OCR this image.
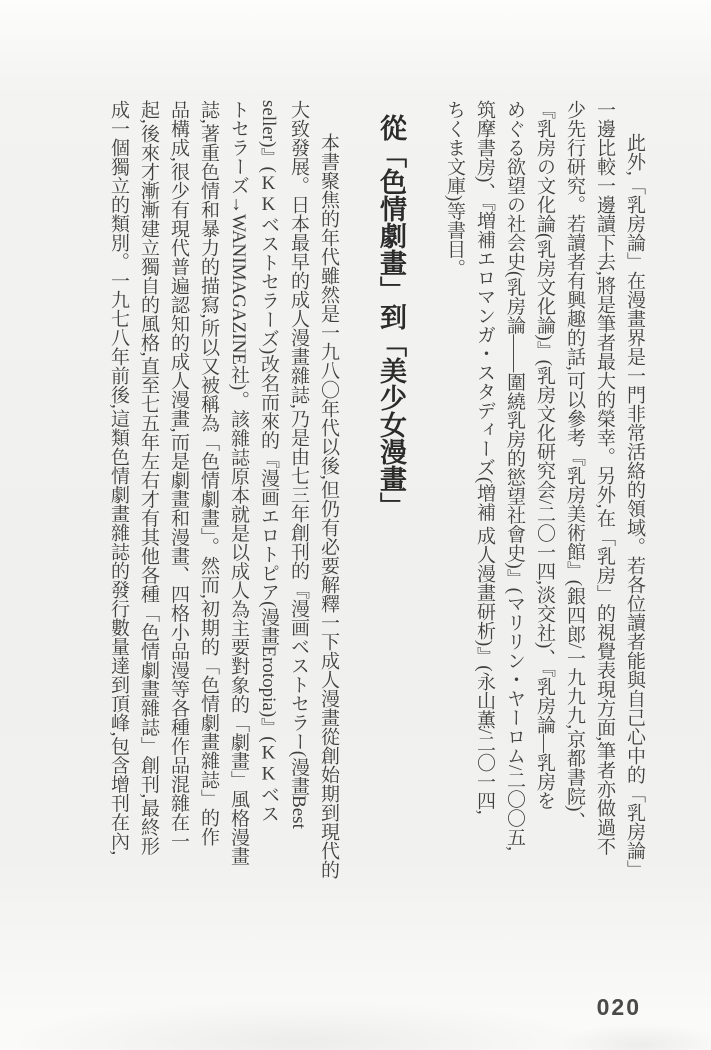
此外,「乳房論」在漫畫界是一門非常活絡的領域。若各位讀者能與自己心中的「乳房論」
一邊比較一邊讀下去,將是筆者最大的榮幸。另外,在「乳房」的視覺表現方面,筆者亦做過不
少先行研究。若讀者有興趣的話,可以參考『乳房美術館』(銀四郎/一九九九,京都書院)、
『乳房の文化論(乳房文化論)』(乳房文化研究会/二〇一四,淡交社)、『乳房論—乳房を
めぐる欲望の社会史(乳房論——圍繞乳房的慾望社會史)』(マリリン・ヤーロム/二〇〇五,
筑摩書房)、『増補エロマンガ・スタディーズ(増補 成人漫畫研析)』(永山薫/二〇一四,
ちくま文庫)等書目。
從「色情劇畫」到「美少女漫畫」
本書聚焦的年代雖然是一九八〇年代以後,但仍有必要解釋一下成人漫畫從創始期到現代的
大致發展。日本最早的成人漫畫雜誌,乃是由七三年創刊的『漫画ベストセラー(漫畫Best
seller)』(KKベストセラーズ)改名而來的『漫画エロトピア(漫畫Erotopia)』(KKベス
トセラーズ→WANIMAGAZINE社)。該雜誌原本就是以成人為主要對象的「劇畫」風格漫畫
誌,著重色情和暴力的描寫,所以又被稱為「色情劇畫」。然而,初期的「色情劇畫雜誌」的作
品構成,很少有現代普遍認知的成人漫畫,而是劇畫和漫畫、四格小品漫等各種作品混雜在一
起,後來才漸漸建立獨自的風格,直至七五年左右才有其他各種「色情劇畫雜誌」創刊,最終形
成一個獨立的類別。一九七八年前後,這類色情劇畫雜誌的發行數量達到頂峰,包含增刊在內,
020
